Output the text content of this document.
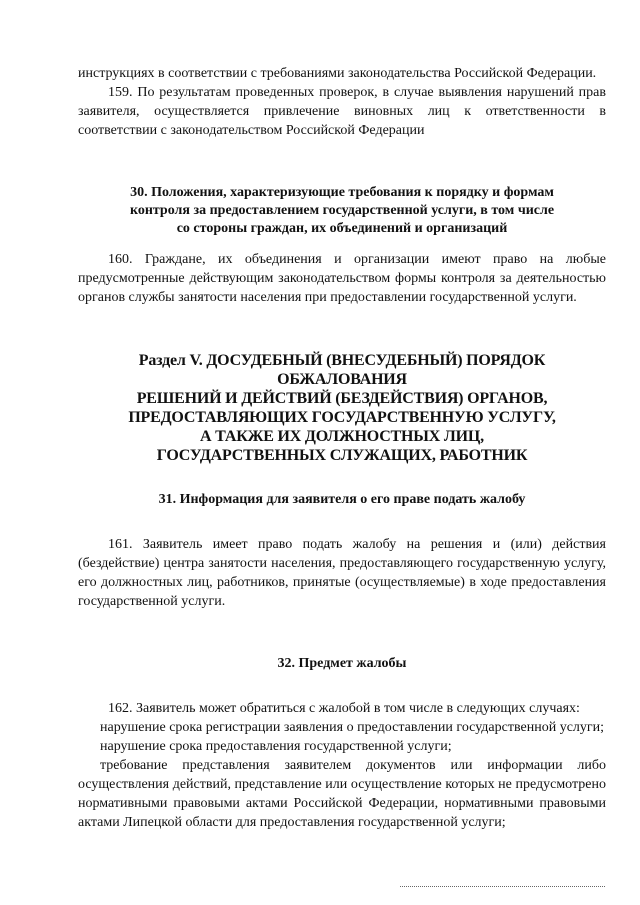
инструкциях в соответствии с требованиями законодательства Российской Федерации.

159. По результатам проведенных проверок, в случае выявления нарушений прав заявителя, осуществляется привлечение виновных лиц к ответственности в соответствии с законодательством Российской Федерации

30. Положения, характеризующие требования к порядку и формам

контроля за предоставлением государственной услуги, в том числе

со стороны граждан, их объединений и организаций

160. Граждане, их объединения и организации имеют право на любые предусмотренные действующим законодательством формы контроля за деятельностью органов службы занятости населения при предоставлении государственной услуги.

Раздел V. ДОСУДЕБНЫЙ (ВНЕСУДЕБНЫЙ) ПОРЯДОК ОБЖАЛОВАНИЯ

РЕШЕНИЙ И ДЕЙСТВИЙ (БЕЗДЕЙСТВИЯ) ОРГАНОВ,

ПРЕДОСТАВЛЯЮЩИХ ГОСУДАРСТВЕННУЮ УСЛУГУ,

А ТАКЖЕ ИХ ДОЛЖНОСТНЫХ ЛИЦ,

ГОСУДАРСТВЕННЫХ СЛУЖАЩИХ, РАБОТНИК

31. Информация для заявителя о его праве подать жалобу

161. Заявитель имеет право подать жалобу на решения и (или) действия (бездействие) центра занятости населения, предоставляющего государственную услугу, его должностных лиц, работников, принятые (осуществляемые) в ходе предоставления государственной услуги.

32. Предмет жалобы

162. Заявитель может обратиться с жалобой в том числе в следующих случаях:

нарушение срока регистрации заявления о предоставлении государственной услуги;

нарушение срока предоставления государственной услуги;

требование представления заявителем документов или информации либо осуществления действий, представление или осуществление которых не предусмотрено нормативными правовыми актами Российской Федерации, нормативными правовыми актами Липецкой области для предоставления государственной услуги;
